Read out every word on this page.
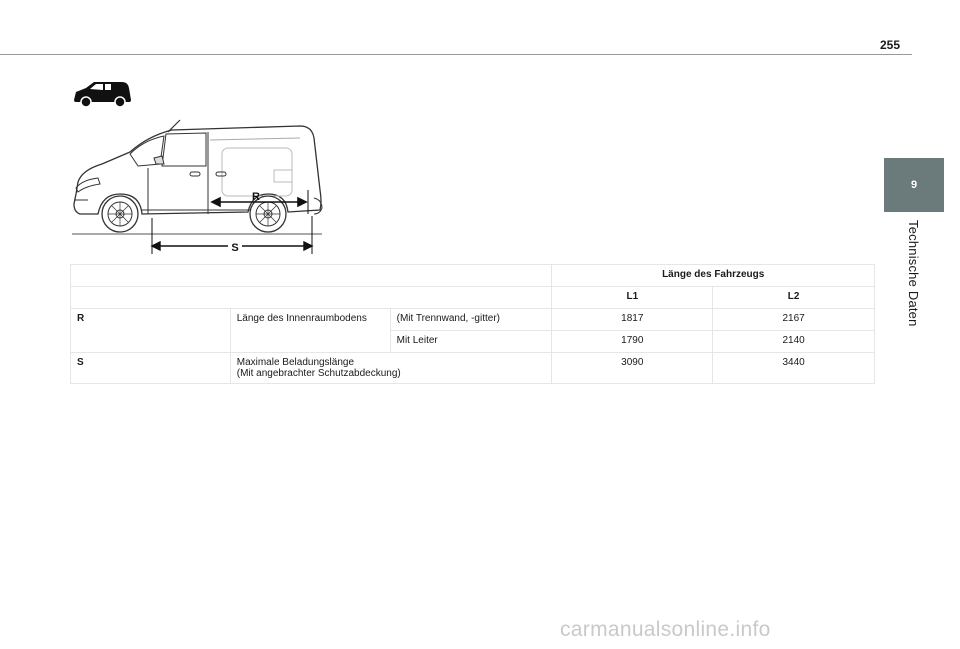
255
9
Technische Daten
R
S
			Länge des Fahrzeugs	
			L1	L2
R	Länge des Innenraumbodens	(Mit Trennwand, -gitter)	1817	2167
		Mit Leiter	1790	2140
S	Maximale Beladungslänge
(Mit angebrachter Schutzabdeckung)		3090	3440
carmanualsonline.info
